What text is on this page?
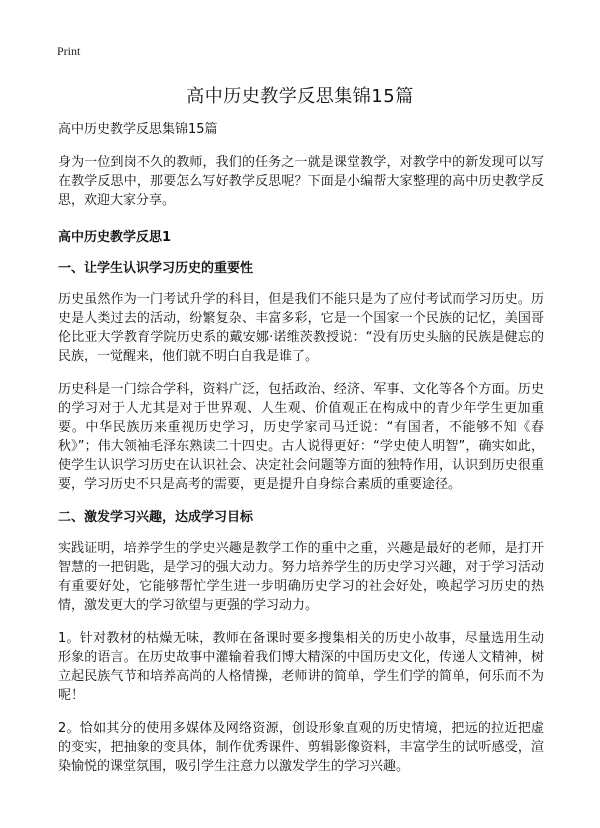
Print
高中历史教学反思集锦15篇

高中历史教学反思集锦15篇

身为一位到岗不久的教师，我们的任务之一就是课堂教学，对教学中的新发现可以写在教学反思中，那要怎么写好教学反思呢？下面是小编帮大家整理的高中历史教学反思，欢迎大家分享。

高中历史教学反思1

一、让学生认识学习历史的重要性

历史虽然作为一门考试升学的科目，但是我们不能只是为了应付考试而学习历史。历史是人类过去的活动，纷繁复杂、丰富多彩，它是一个国家一个民族的记忆，美国哥伦比亚大学教育学院历史系的戴安娜·诺维茨教授说：“没有历史头脑的民族是健忘的民族，一觉醒来，他们就不明白自我是谁了。

历史科是一门综合学科，资料广泛，包括政治、经济、军事、文化等各个方面。历史的学习对于人尤其是对于世界观、人生观、价值观正在构成中的青少年学生更加重要。中华民族历来重视历史学习，历史学家司马迁说：“有国者，不能够不知《春秋》”；伟大领袖毛泽东熟读二十四史。古人说得更好：“学史使人明智”，确实如此，使学生认识学习历史在认识社会、决定社会问题等方面的独特作用，认识到历史很重要，学习历史不只是高考的需要，更是提升自身综合素质的重要途径。

二、激发学习兴趣，达成学习目标

实践证明，培养学生的学史兴趣是教学工作的重中之重，兴趣是最好的老师，是打开智慧的一把钥匙，是学习的强大动力。努力培养学生的历史学习兴趣，对于学习活动有重要好处，它能够帮忙学生进一步明确历史学习的社会好处，唤起学习历史的热情，激发更大的学习欲望与更强的学习动力。

1。针对教材的枯燥无味，教师在备课时要多搜集相关的历史小故事，尽量选用生动形象的语言。在历史故事中灌输着我们博大精深的中国历史文化，传递人文精神，树立起民族气节和培养高尚的人格情操，老师讲的简单，学生们学的简单，何乐而不为呢！

2。恰如其分的使用多媒体及网络资源，创设形象直观的历史情境，把远的拉近把虚的变实，把抽象的变具体，制作优秀课件、剪辑影像资料，丰富学生的试听感受，渲染愉悦的课堂氛围，吸引学生注意力以激发学生的学习兴趣。
